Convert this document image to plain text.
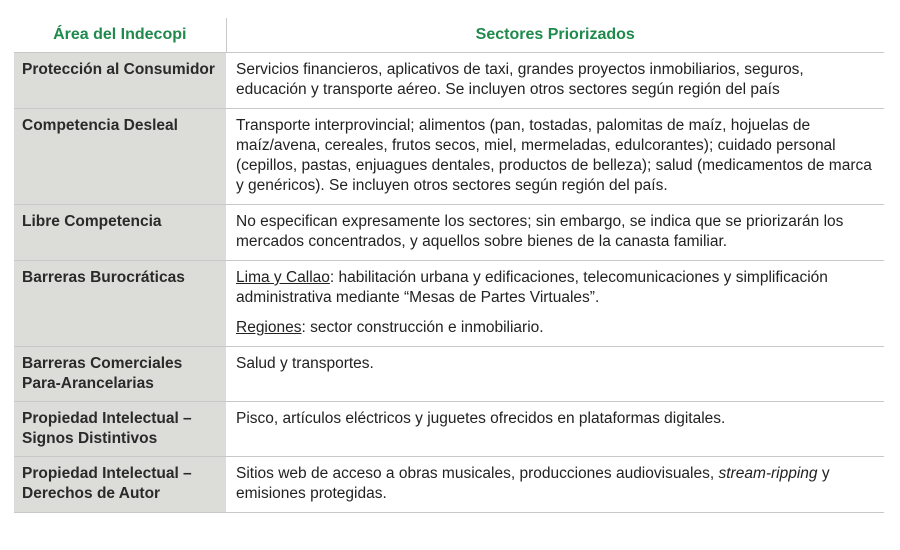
Área del Indecopi	Sectores Priorizados
Protección al Consumidor	Servicios financieros, aplicativos de taxi, grandes proyectos inmobiliarios, seguros, educación y transporte aéreo. Se incluyen otros sectores según región del país
Competencia Desleal	Transporte interprovincial; alimentos (pan, tostadas, palomitas de maíz, hojuelas de maíz/avena, cereales, frutos secos, miel, mermeladas, edulcorantes); cuidado personal (cepillos, pastas, enjuagues dentales, productos de belleza); salud (medicamentos de marca y genéricos). Se incluyen otros sectores según región del país.
Libre Competencia	No especifican expresamente los sectores; sin embargo, se indica que se priorizarán los mercados concentrados, y aquellos sobre bienes de la canasta familiar.
Barreras Burocráticas	Lima y Callao: habilitación urbana y edificaciones, telecomunicaciones y simplificación administrativa mediante “Mesas de Partes Virtuales”.
Regiones: sector construcción e inmobiliario.

Barreras Comerciales Para-Arancelarias	Salud y transportes.
Propiedad Intelectual – Signos Distintivos	Pisco, artículos eléctricos y juguetes ofrecidos en plataformas digitales.
Propiedad Intelectual – Derechos de Autor	Sitios web de acceso a obras musicales, producciones audiovisuales, stream-ripping y emisiones protegidas.
